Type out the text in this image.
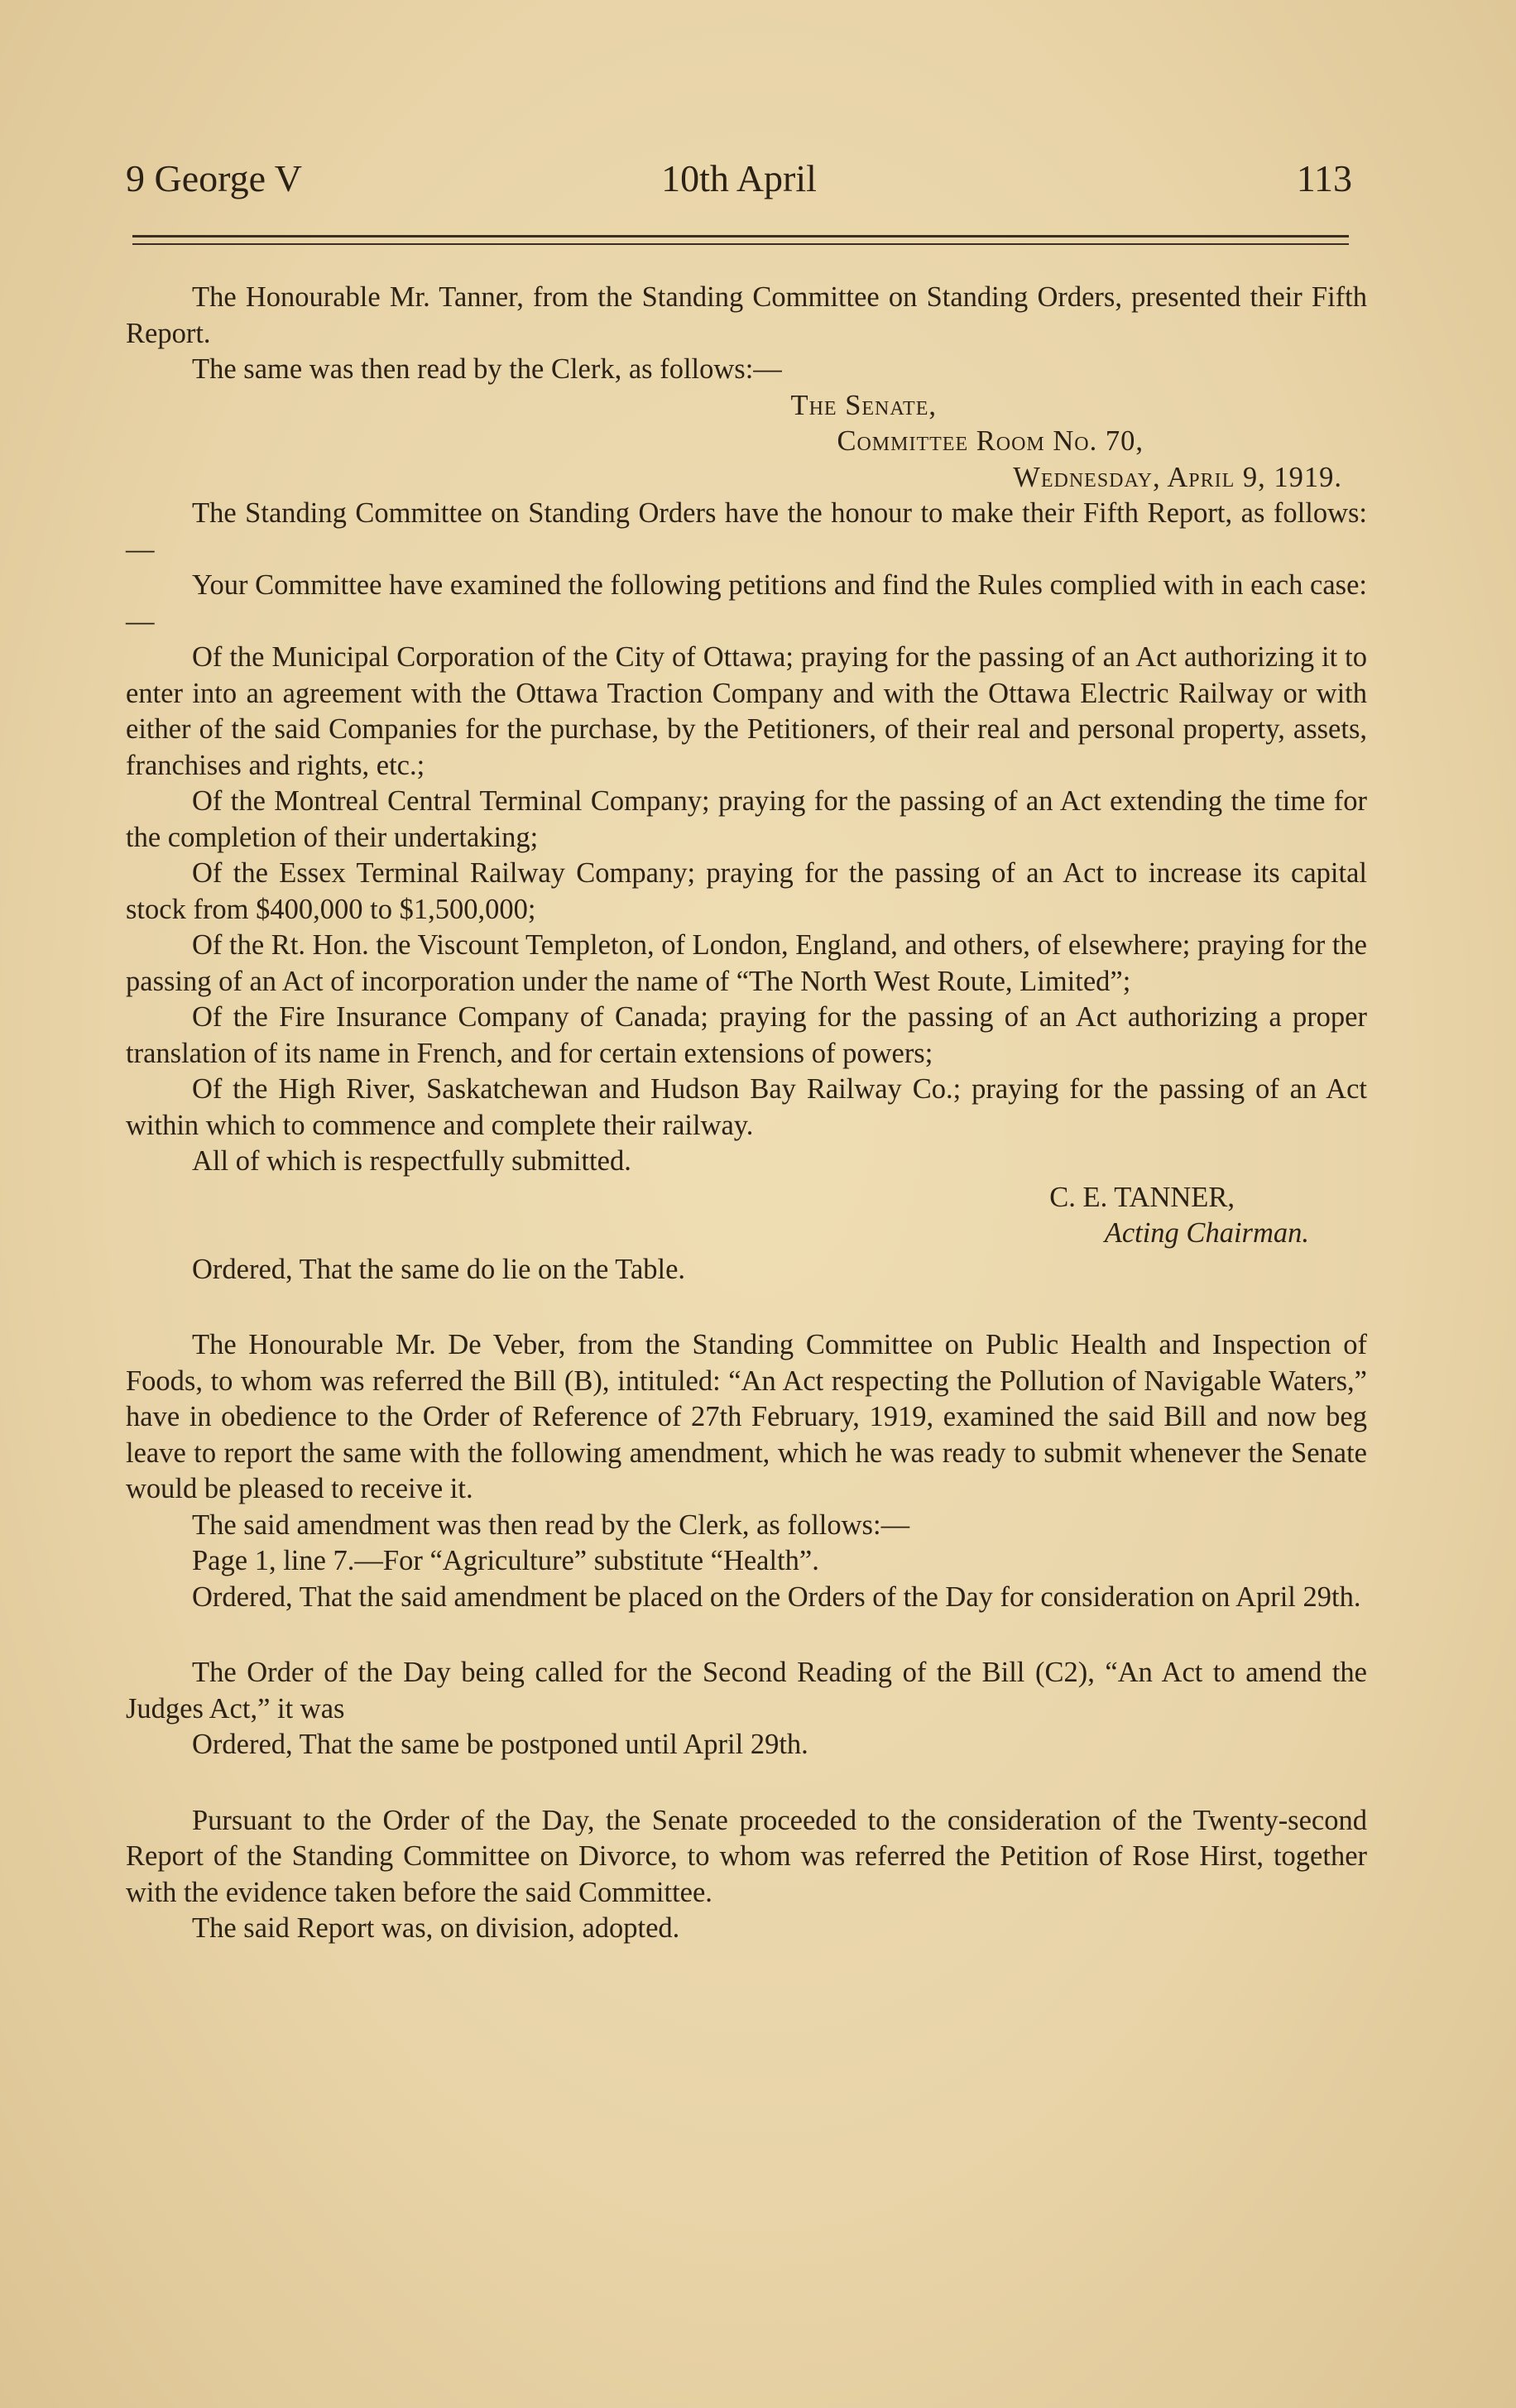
9 George V	10th April	113

The Honourable Mr. Tanner, from the Standing Committee on Standing Orders, presented their Fifth Report.

The same was then read by the Clerk, as follows:—

The Senate,

Committee Room No. 70,

Wednesday, April 9, 1919.

The Standing Committee on Standing Orders have the honour to make their Fifth Report, as follows:—

Your Committee have examined the following petitions and find the Rules complied with in each case:—

Of the Municipal Corporation of the City of Ottawa; praying for the passing of an Act authorizing it to enter into an agreement with the Ottawa Traction Company and with the Ottawa Electric Railway or with either of the said Companies for the purchase, by the Petitioners, of their real and personal property, assets, franchises and rights, etc.;

Of the Montreal Central Terminal Company; praying for the passing of an Act extending the time for the completion of their undertaking;

Of the Essex Terminal Railway Company; praying for the passing of an Act to increase its capital stock from $400,000 to $1,500,000;

Of the Rt. Hon. the Viscount Templeton, of London, England, and others, of elsewhere; praying for the passing of an Act of incorporation under the name of “The North West Route, Limited”;

Of the Fire Insurance Company of Canada; praying for the passing of an Act authorizing a proper translation of its name in French, and for certain extensions of powers;

Of the High River, Saskatchewan and Hudson Bay Railway Co.; praying for the passing of an Act within which to commence and complete their railway.

All of which is respectfully submitted.

C. E. TANNER,

Acting Chairman.

Ordered, That the same do lie on the Table.

The Honourable Mr. De Veber, from the Standing Committee on Public Health and Inspection of Foods, to whom was referred the Bill (B), intituled: “An Act respecting the Pollution of Navigable Waters,” have in obedience to the Order of Reference of 27th February, 1919, examined the said Bill and now beg leave to report the same with the following amendment, which he was ready to submit whenever the Senate would be pleased to receive it.

The said amendment was then read by the Clerk, as follows:—

Page 1, line 7.—For “Agriculture” substitute “Health”.

Ordered, That the said amendment be placed on the Orders of the Day for consideration on April 29th.

The Order of the Day being called for the Second Reading of the Bill (C2), “An Act to amend the Judges Act,” it was

Ordered, That the same be postponed until April 29th.

Pursuant to the Order of the Day, the Senate proceeded to the consideration of the Twenty-second Report of the Standing Committee on Divorce, to whom was referred the Petition of Rose Hirst, together with the evidence taken before the said Committee.

The said Report was, on division, adopted.
